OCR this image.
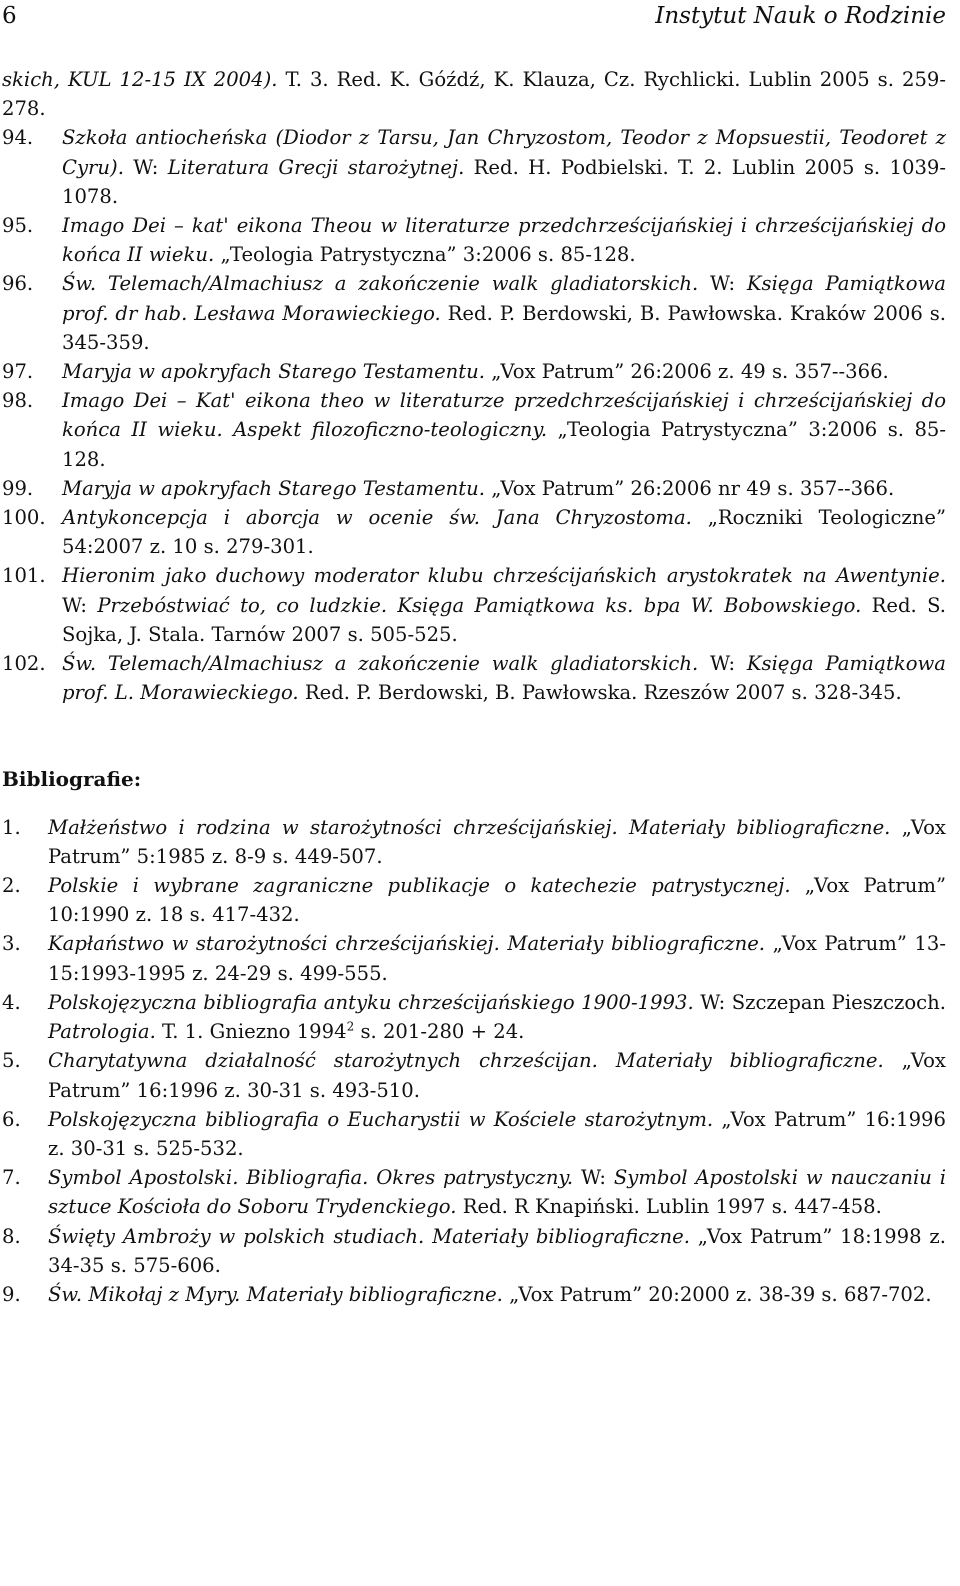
6	Instytut Nauk o Rodzinie
skich, KUL 12-15 IX 2004). T. 3. Red. K. Góźdź, K. Klauza, Cz. Rychlicki. Lublin 2005 s. 259-278.
94.	Szkoła antiocheńska (Diodor z Tarsu, Jan Chryzostom, Teodor z Mopsuestii, Teodoret z Cyru). W: Literatura Grecji starożytnej. Red. H. Podbielski. T. 2. Lublin 2005 s. 1039-1078.
95.	Imago Dei – kat' eikona Theou w literaturze przedchrześcijańskiej i chrześcijańskiej do końca II wieku. „Teologia Patrystyczna” 3:2006 s. 85-128.
96.	Św. Telemach/Almachiusz a zakończenie walk gladiatorskich. W: Księga Pamiątkowa prof. dr hab. Lesława Morawieckiego. Red. P. Berdowski, B. Pawłowska. Kraków 2006 s. 345-359.
97.	Maryja w apokryfach Starego Testamentu. „Vox Patrum” 26:2006 z. 49 s. 357--366.
98.	Imago Dei – Kat' eikona theo w literaturze przedchrześcijańskiej i chrześcijańskiej do końca II wieku. Aspekt filozoficzno-teologiczny. „Teologia Patrystyczna” 3:2006 s. 85-128.
99.	Maryja w apokryfach Starego Testamentu. „Vox Patrum” 26:2006 nr 49 s. 357--366.
100. Antykoncepcja i aborcja w ocenie św. Jana Chryzostoma. „Roczniki Teologiczne” 54:2007 z. 10 s. 279-301.
101. Hieronim jako duchowy moderator klubu chrześcijańskich arystokratek na Awentynie. W: Przebóstwiać to, co ludzkie. Księga Pamiątkowa ks. bpa W. Bobowskiego. Red. S. Sojka, J. Stala. Tarnów 2007 s. 505-525.
102. Św. Telemach/Almachiusz a zakończenie walk gladiatorskich. W: Księga Pamiątkowa prof. L. Morawieckiego. Red. P. Berdowski, B. Pawłowska. Rzeszów 2007 s. 328-345.
Bibliografie:
1.	Małżeństwo i rodzina w starożytności chrześcijańskiej. Materiały bibliograficzne. „Vox Patrum” 5:1985 z. 8-9 s. 449-507.
2.	Polskie i wybrane zagraniczne publikacje o katechezie patrystycznej. „Vox Patrum” 10:1990 z. 18 s. 417-432.
3.	Kapłaństwo w starożytności chrześcijańskiej. Materiały bibliograficzne. „Vox Patrum” 13-15:1993-1995 z. 24-29 s. 499-555.
4.	Polskojęzyczna bibliografia antyku chrześcijańskiego 1900-1993. W: Szczepan Pieszczoch. Patrologia. T. 1. Gniezno 1994$^2$ s. 201-280 + 24.
5.	Charytatywna działalność starożytnych chrześcijan. Materiały bibliograficzne. „Vox Patrum” 16:1996 z. 30-31 s. 493-510.
6.	Polskojęzyczna bibliografia o Eucharystii w Kościele starożytnym. „Vox Patrum” 16:1996 z. 30-31 s. 525-532.
7.	Symbol Apostolski. Bibliografia. Okres patrystyczny. W: Symbol Apostolski w nauczaniu i sztuce Kościoła do Soboru Trydenckiego. Red. R Knapiński. Lublin 1997 s. 447-458.
8.	Święty Ambroży w polskich studiach. Materiały bibliograficzne. „Vox Patrum” 18:1998 z. 34-35 s. 575-606.
9.	Św. Mikołaj z Myry. Materiały bibliograficzne. „Vox Patrum” 20:2000 z. 38-39 s. 687-702.
